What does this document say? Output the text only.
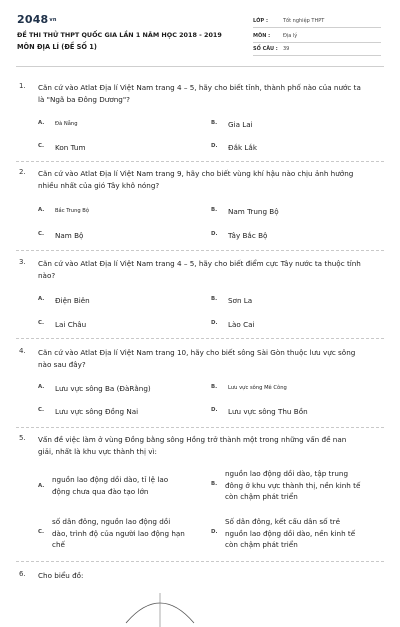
2048vn
ĐỀ THI THỬ THPT QUỐC GIA LẦN 1 NĂM HỌC 2018 - 2019
MÔN ĐỊA LÍ (ĐỀ SỐ 1)
LỚP :	Tốt nghiệp THPT
MÔN :	Địa lý
SỐ CÂU : 39
1. Căn cứ vào Atlat Địa lí Việt Nam trang 4 – 5, hãy cho biết tỉnh, thành phố nào của nước ta là "Ngã ba Đông Dương"?
A. Đà Nẵng	B. Gia Lai
C. Kon Tum	D. Đắk Lắk
2. Căn cứ vào Atlat Địa lí Việt Nam trang 9, hãy cho biết vùng khí hậu nào chịu ảnh hưởng nhiều nhất của gió Tây khô nóng?
A. Bắc Trung Bộ	B. Nam Trung Bộ
C. Nam Bộ	D. Tây Bắc Bộ
3. Căn cứ vào Atlat Địa lí Việt Nam trang 4 – 5, hãy cho biết điểm cực Tây nước ta thuộc tỉnh nào?
A. Điện Biên	B. Sơn La
C. Lai Châu	D. Lào Cai
4. Căn cứ vào Atlat Địa lí Việt Nam trang 10, hãy cho biết sông Sài Gòn thuộc lưu vực sông nào sau đây?
A. Lưu vực sông Ba (ĐàRằng)	B. Lưu vực sông Mê Công
C. Lưu vực sông Đồng Nai	D. Lưu vực sông Thu Bồn
5. Vấn đề việc làm ở vùng Đồng bằng sông Hồng trở thành một trong những vấn đề nan giải, nhất là khu vực thành thị vì:
A.
nguồn lao động dồi dào, tỉ lệ lao
động chưa qua đào tạo lớn
B.
nguồn lao động dồi dào, tập trung
đông ở khu vực thành thị, nền kinh tế
còn chậm phát triển
C.
số dân đông, nguồn lao động dồi
dào, trình độ của người lao động hạn
chế
D.
Số dân đông, kết cấu dân số trẻ
nguồn lao động dồi dào, nền kinh tế
còn chậm phát triển
6. Cho biểu đồ:
